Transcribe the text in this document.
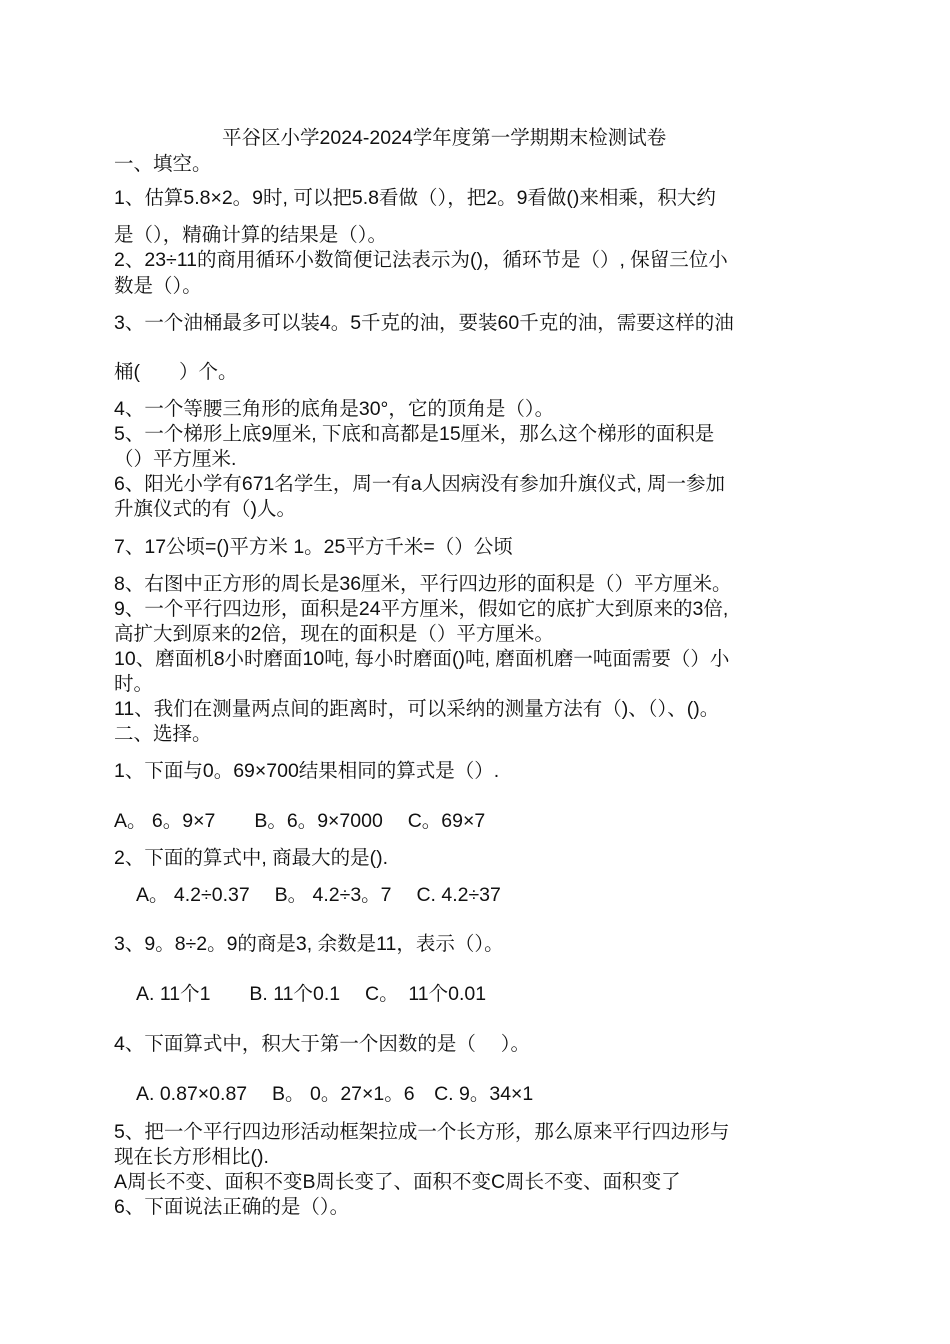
平谷区小学2024-2024学年度第一学期期末检测试卷
一、填空。
1、估算5.8×2。9时, 可以把5.8看做（），把2。9看做()来相乘，积大约
是（），精确计算的结果是（）。
2、23÷11的商用循环小数简便记法表示为()，循环节是（）, 保留三位小
数是（）。
3、一个油桶最多可以装4。5千克的油，要装60千克的油，需要这样的油
桶(　　）个。
4、一个等腰三角形的底角是30°，它的顶角是（）。
5、一个梯形上底9厘米, 下底和高都是15厘米，那么这个梯形的面积是
（）平方厘米.
6、阳光小学有671名学生，周一有a人因病没有参加升旗仪式, 周一参加
升旗仪式的有（)人。
7、17公顷=()平方米 1。25平方千米=（）公顷
8、右图中正方形的周长是36厘米，平行四边形的面积是（）平方厘米。
9、一个平行四边形，面积是24平方厘米，假如它的底扩大到原来的3倍,
高扩大到原来的2倍，现在的面积是（）平方厘米。
10、磨面机8小时磨面10吨, 每小时磨面()吨, 磨面机磨一吨面需要（）小
时。
11、我们在测量两点间的距离时，可以采纳的测量方法有（)、（）、()。
二、选择。
1、下面与0。69×700结果相同的算式是（）.
A。 6。9×7　　B。6。9×7000　 C。69×7
2、下面的算式中, 商最大的是().
A。 4.2÷0.37　 B。 4.2÷3。7　 C. 4.2÷37
3、9。8÷2。9的商是3, 余数是11，表示（）。
A. 11个1　　B. 11个0.1　 C。　11个0.01
4、下面算式中，积大于第一个因数的是（　 ）。
A. 0.87×0.87　 B。 0。27×1。6　C. 9。34×1
5、把一个平行四边形活动框架拉成一个长方形，那么原来平行四边形与
现在长方形相比().
A周长不变、面积不变B周长变了、面积不变C周长不变、面积变了
6、下面说法正确的是（）。
